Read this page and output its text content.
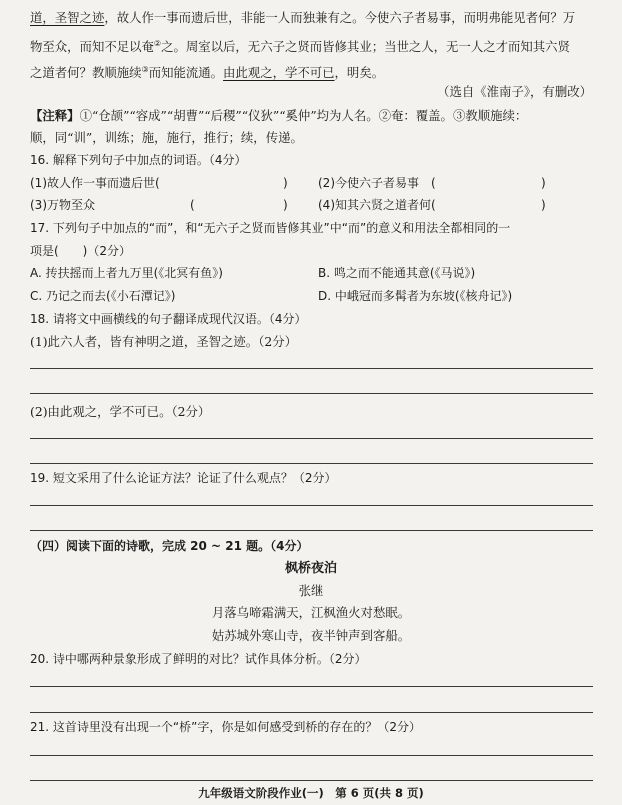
道，圣智之迹，故人作一事而遗后世，非能一人而独兼有之。今使六子者易事，而明弗能见者何？万
物至众，而知不足以奄②之。周室以后，无六子之贤而皆修其业；当世之人，无一人之才而知其六贤
之道者何？教顺施续③而知能流通。由此观之，学不可已，明矣。
（选自《淮南子》，有删改）
【注释】①“仓颉”“容成”“胡曹”“后稷”“仪狄”“奚仲”均为人名。②奄：覆盖。③教顺施续：
顺，同“训”，训练；施，施行，推行；续，传递。
16. 解释下列句子中加点的词语。（4分）
(1)故人作一事而遗后世(	)	(2)今使六子者易事　(	)
(3)万物至众	(	)	(4)知其六贤之道者何(	)
17. 下列句子中加点的“而”，和“无六子之贤而皆修其业”中“而”的意义和用法全都相同的一
项是(　　)（2分）
A. 抟扶摇而上者九万里(《北冥有鱼》)	B. 鸣之而不能通其意(《马说》)
C. 乃记之而去(《小石潭记》)	D. 中峨冠而多髯者为东坡(《核舟记》)
18. 请将文中画横线的句子翻译成现代汉语。（4分）
(1)此六人者，皆有神明之道，圣智之迹。（2分）
(2)由此观之，学不可已。（2分）
19. 短文采用了什么论证方法？论证了什么观点？（2分）
（四）阅读下面的诗歌，完成 20 ~ 21 题。（4分）
枫桥夜泊
张继
月落乌啼霜满天，江枫渔火对愁眠。
姑苏城外寒山寺，夜半钟声到客船。
20. 诗中哪两种景象形成了鲜明的对比？试作具体分析。（2分）
21. 这首诗里没有出现一个“桥”字，你是如何感受到桥的存在的？（2分）
九年级语文阶段作业(一)　第 6 页(共 8 页)
